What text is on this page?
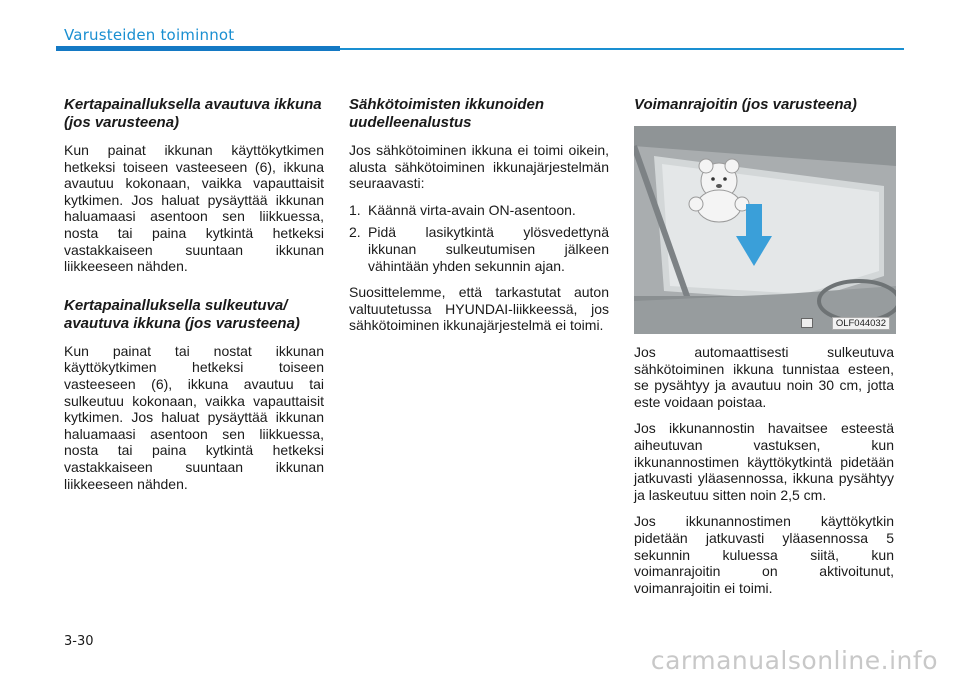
Varusteiden toiminnot
Kertapainalluksella avautuva ikkuna (jos varusteena)

Kun painat ikkunan käyttökytkimen hetkeksi toiseen vasteeseen (6), ikkuna avautuu kokonaan, vaikka vapauttaisit kytkimen. Jos haluat pysäyttää ikkunan haluamaasi asentoon sen liikkuessa, nosta tai paina kytkintä hetkeksi vastakkaiseen suuntaan ikkunan liikkeeseen nähden.

Kertapainalluksella sulkeutuva/ avautuva ikkuna (jos varusteena)

Kun painat tai nostat ikkunan käyttökytkimen hetkeksi toiseen vasteeseen (6), ikkuna avautuu tai sulkeutuu kokonaan, vaikka vapauttaisit kytkimen. Jos haluat pysäyttää ikkunan haluamaasi asentoon sen liikkuessa, nosta tai paina kytkintä hetkeksi vastakkaiseen suuntaan ikkunan liikkeeseen nähden.

Sähkötoimisten ikkunoiden uudelleenalustus

Jos sähkötoiminen ikkuna ei toimi oikein, alusta sähkötoiminen ikkunajärjestelmän seuraavasti:

1. Käännä virta-avain ON-asentoon.
2. Pidä lasikytkintä ylösvedettynä ikkunan sulkeutumisen jälkeen vähintään yhden sekunnin ajan.

Suosittelemme, että tarkastutat auton valtuutetussa HYUNDAI-liikkeessä, jos sähkötoiminen ikkunajärjestelmä ei toimi.

Voimanrajoitin (jos varusteena)
OLF044032

Jos automaattisesti sulkeutuva sähkötoiminen ikkuna tunnistaa esteen, se pysähtyy ja avautuu noin 30 cm, jotta este voidaan poistaa.

Jos ikkunannostin havaitsee esteestä aiheutuvan vastuksen, kun ikkunannostimen käyttökytkintä pidetään jatkuvasti yläasennossa, ikkuna pysähtyy ja laskeutuu sitten noin 2,5 cm.

Jos ikkunannostimen käyttökytkin pidetään jatkuvasti yläasennossa 5 sekunnin kuluessa siitä, kun voimanrajoitin on aktivoitunut, voimanrajoitin ei toimi.

3-30
carmanualsonline.info
